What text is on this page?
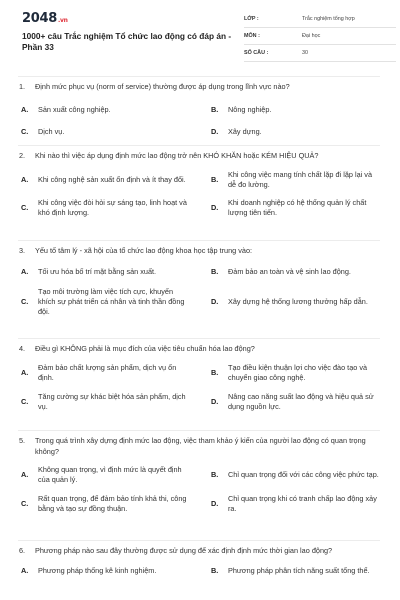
2048.vn
1000+ câu Trắc nghiệm Tổ chức lao động có đáp án - Phần 33
LỚP :	Trắc nghiệm tổng hợp
MÔN :	Đại học
SỐ CÂU :	30
1. Định mức phục vụ (norm of service) thường được áp dụng trong lĩnh vực nào?
A. Sản xuất công nghiệp.	B. Nông nghiệp.
C. Dịch vụ.	D. Xây dựng.
2. Khi nào thì việc áp dụng định mức lao động trở nên KHÓ KHĂN hoặc KÉM HIỆU QUẢ?
A. Khi công nghệ sản xuất ổn định và ít thay đổi.	B.
Khi công việc mang tính chất lặp đi lặp lại và dễ đo lường.
C.
Khi công việc đòi hỏi sự sáng tạo, linh hoạt và khó định lượng.
D.
Khi doanh nghiệp có hệ thống quản lý chất lượng tiên tiến.
3. Yếu tố tâm lý - xã hội của tổ chức lao động khoa học tập trung vào:
A. Tối ưu hóa bố trí mặt bằng sản xuất.	B. Đảm bảo an toàn và vệ sinh lao động.
C.
Tạo môi trường làm việc tích cực, khuyến khích sự phát triển cá nhân và tinh thần đồng đội.
D. Xây dựng hệ thống lương thưởng hấp dẫn.
4. Điều gì KHÔNG phải là mục đích của việc tiêu chuẩn hóa lao động?
A.
Đảm bảo chất lượng sản phẩm, dịch vụ ổn định.
B.
Tạo điều kiện thuận lợi cho việc đào tạo và chuyển giao công nghệ.
C.
Tăng cường sự khác biệt hóa sản phẩm, dịch vụ.
D.
Nâng cao năng suất lao động và hiệu quả sử dụng nguồn lực.
5. Trong quá trình xây dựng định mức lao động, việc tham khảo ý kiến của người lao động có quan trọng không?
A.
Không quan trọng, vì định mức là quyết định của quản lý.
B. Chỉ quan trọng đối với các công việc phức tạp.
C.
Rất quan trọng, để đảm bảo tính khả thi, công bằng và tạo sự đồng thuận.
D.
Chỉ quan trọng khi có tranh chấp lao động xảy ra.
6. Phương pháp nào sau đây thường được sử dụng để xác định định mức thời gian lao động?
A. Phương pháp thống kê kinh nghiệm.	B. Phương pháp phân tích năng suất tổng thể.
